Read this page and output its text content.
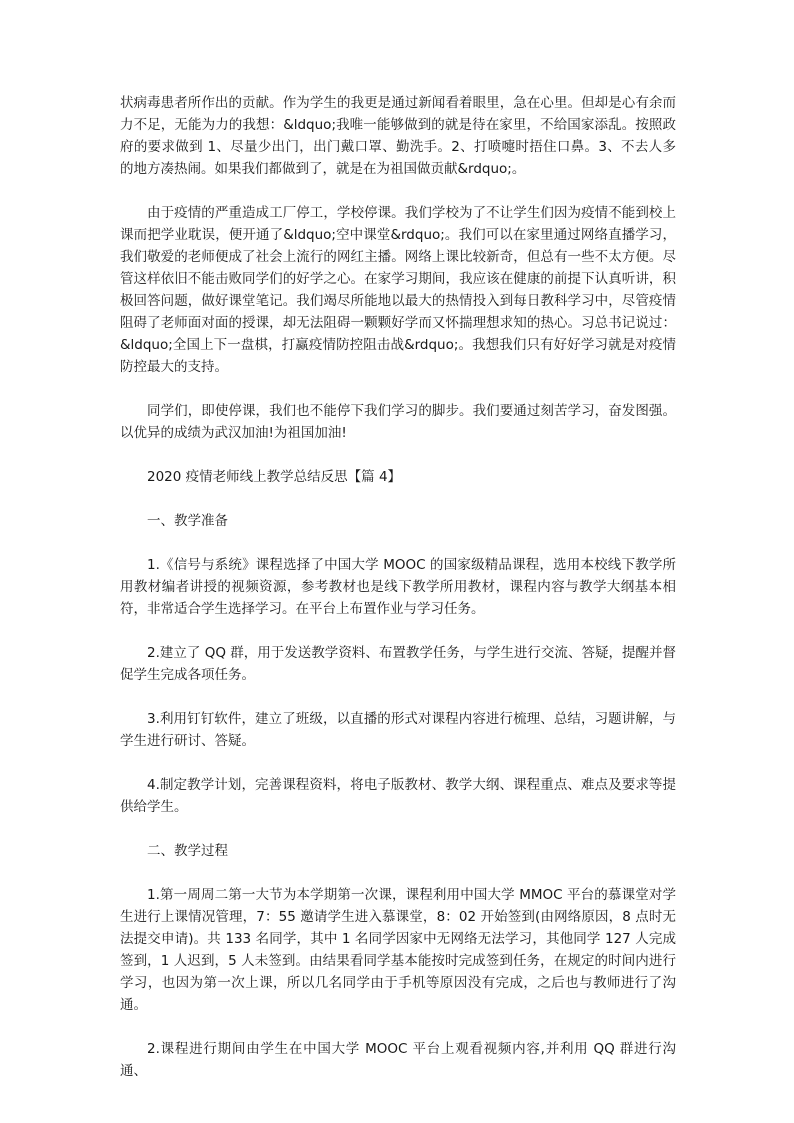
状病毒患者所作出的贡献。作为学生的我更是通过新闻看着眼里，急在心里。但却是心有余而力不足，无能为力的我想：&ldquo;我唯一能够做到的就是待在家里，不给国家添乱。按照政府的要求做到 1、尽量少出门，出门戴口罩、勤洗手。2、打喷嚏时捂住口鼻。3、不去人多的地方凑热闹。如果我们都做到了，就是在为祖国做贡献&rdquo;。

由于疫情的严重造成工厂停工，学校停课。我们学校为了不让学生们因为疫情不能到校上课而把学业耽误，便开通了&ldquo;空中课堂&rdquo;。我们可以在家里通过网络直播学习，我们敬爱的老师便成了社会上流行的网红主播。网络上课比较新奇，但总有一些不太方便。尽管这样依旧不能击败同学们的好学之心。在家学习期间，我应该在健康的前提下认真听讲，积极回答问题，做好课堂笔记。我们竭尽所能地以最大的热情投入到每日教科学习中，尽管疫情阻碍了老师面对面的授课，却无法阻碍一颗颗好学而又怀揣理想求知的热心。习总书记说过：&ldquo;全国上下一盘棋，打赢疫情防控阻击战&rdquo;。我想我们只有好好学习就是对疫情防控最大的支持。

同学们，即使停课，我们也不能停下我们学习的脚步。我们要通过刻苦学习，奋发图强。以优异的成绩为武汉加油!为祖国加油!

2020 疫情老师线上教学总结反思【篇 4】

一、教学准备

1.《信号与系统》课程选择了中国大学 MOOC 的国家级精品课程，选用本校线下教学所用教材编者讲授的视频资源，参考教材也是线下教学所用教材，课程内容与教学大纲基本相符，非常适合学生选择学习。在平台上布置作业与学习任务。

2.建立了 QQ 群，用于发送教学资料、布置教学任务，与学生进行交流、答疑，提醒并督促学生完成各项任务。

3.利用钉钉软件，建立了班级，以直播的形式对课程内容进行梳理、总结，习题讲解，与学生进行研讨、答疑。

4.制定教学计划，完善课程资料，将电子版教材、教学大纲、课程重点、难点及要求等提供给学生。

二、教学过程

1.第一周周二第一大节为本学期第一次课，课程利用中国大学 MMOC 平台的慕课堂对学生进行上课情况管理，7：55 邀请学生进入慕课堂，8：02 开始签到(由网络原因，8 点时无法提交申请)。共 133 名同学，其中 1 名同学因家中无网络无法学习，其他同学 127 人完成签到，1 人迟到，5 人未签到。由结果看同学基本能按时完成签到任务，在规定的时间内进行学习，也因为第一次上课，所以几名同学由于手机等原因没有完成，之后也与教师进行了沟通。

2.课程进行期间由学生在中国大学 MOOC 平台上观看视频内容,并利用 QQ 群进行沟通、
